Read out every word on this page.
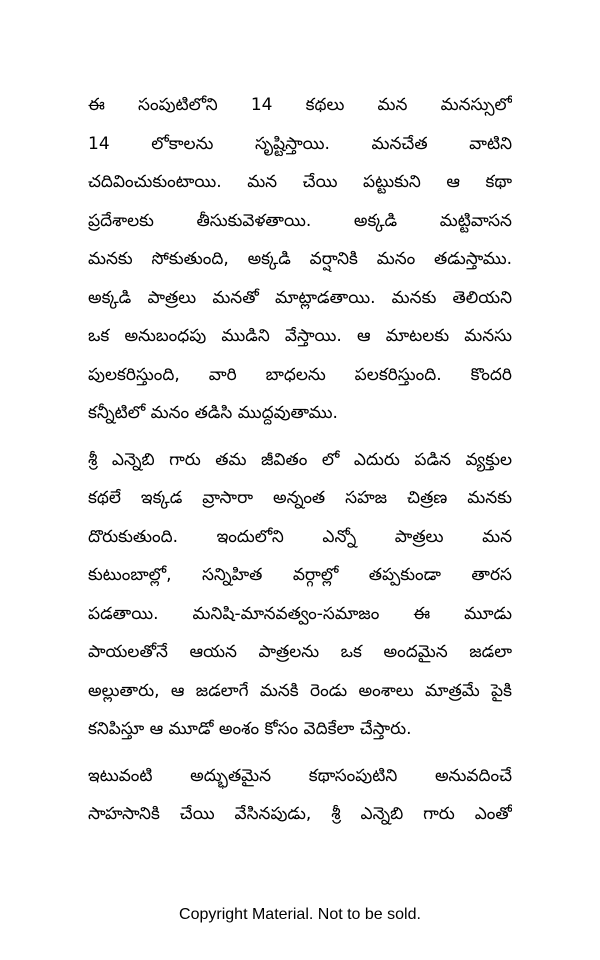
ఈ సంపుటిలోని 14 కథలు మన మనస్సులో
14 లోకాలను సృష్టిస్తాయి. మనచేత వాటిని
చదివించుకుంటాయి. మన చేయి పట్టుకుని ఆ కథా
ప్రదేశాలకు తీసుకువెళతాయి. అక్కడి మట్టివాసన
మనకు సోకుతుంది, అక్కడి వర్షానికి మనం తడుస్తాము.
అక్కడి పాత్రలు మనతో మాట్లాడతాయి. మనకు తెలియని
ఒక అనుబంధపు ముడిని వేస్తాయి. ఆ మాటలకు మనసు
పులకరిస్తుంది, వారి బాధలను పలకరిస్తుంది. కొందరి
కన్నీటిలో మనం తడిసి ముద్దవుతాము.
శ్రీ ఎన్నెబి గారు తమ జీవితం లో ఎదురు పడిన వ్యక్తుల
కథలే ఇక్కడ వ్రాసారా అన్నంత సహజ చిత్రణ మనకు
దొరుకుతుంది. ఇందులోని ఎన్నో పాత్రలు మన
కుటుంబాల్లో, సన్నిహిత వర్గాల్లో తప్పకుండా తారస
పడతాయి. మనిషి-మానవత్వం-సమాజం ఈ మూడు
పాయలతోనే ఆయన పాత్రలను ఒక అందమైన జడలా
అల్లుతారు, ఆ జడలాగే మనకి రెండు అంశాలు మాత్రమే పైకి
కనిపిస్తూ ఆ మూడో అంశం కోసం వెదికేలా చేస్తారు.
ఇటువంటి అద్భుతమైన కథాసంపుటిని అనువదించే
సాహసానికి చేయి వేసినపుడు, శ్రీ ఎన్నెబి గారు ఎంతో
Copyright Material. Not to be sold.
